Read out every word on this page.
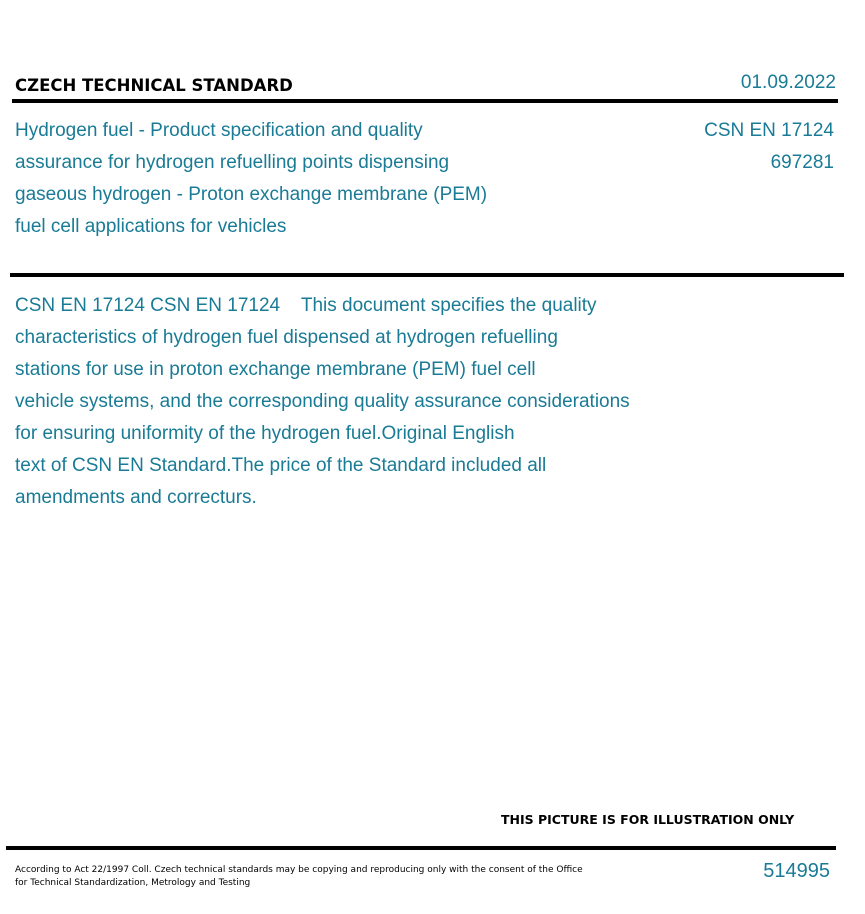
CZECH TECHNICAL STANDARD	01.09.2022
Hydrogen fuel - Product specification and quality
assurance for hydrogen refuelling points dispensing
gaseous hydrogen - Proton exchange membrane (PEM)
fuel cell applications for vehicles
CSN EN 17124
697281
CSN EN 17124 CSN EN 17124    This document specifies the quality
characteristics of hydrogen fuel dispensed at hydrogen refuelling
stations for use in proton exchange membrane (PEM) fuel cell
vehicle systems, and the corresponding quality assurance considerations
for ensuring uniformity of the hydrogen fuel.Original English
text of CSN EN Standard.The price of the Standard included all
amendments and correcturs.
THIS PICTURE IS FOR ILLUSTRATION ONLY
According to Act 22/1997 Coll. Czech technical standards may be copying and reproducing only with the consent of the Office
for Technical Standardization, Metrology and Testing
514995
